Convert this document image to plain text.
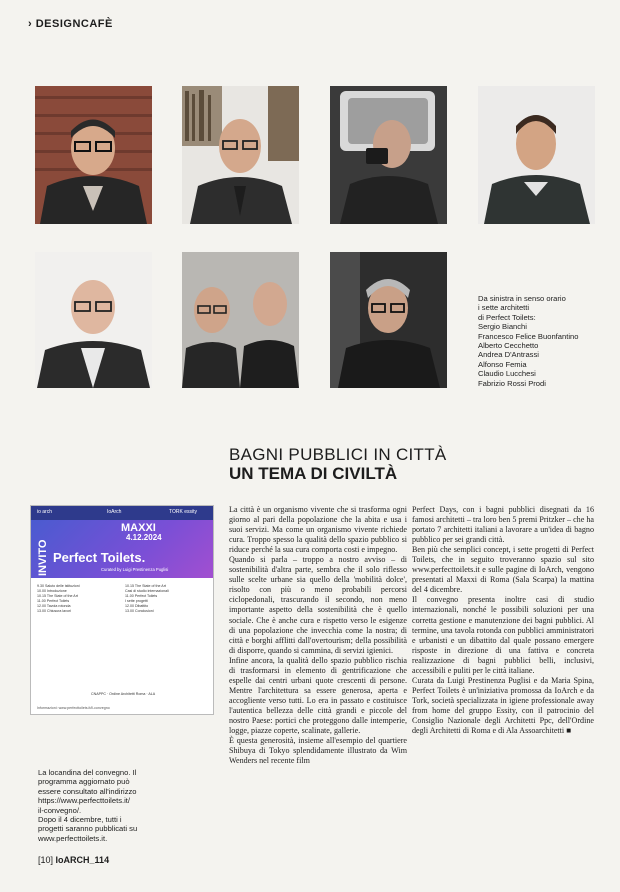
› DESIGNCAFÈ
Da sinistra in senso orario
i sette architetti
di Perfect Toilets:
Sergio Bianchi
Francesco Felice Buonfantino
Alberto Cecchetto
Andrea D'Antrassi
Alfonso Femia
Claudio Lucchesi
Fabrizio Rossi Prodi
BAGNI PUBBLICI IN CITTÀ
UN TEMA DI CIVILTÀ

La città è un organismo vivente che si trasforma ogni giorno al pari della popolazione che la abita e usa i suoi servizi. Ma come un organismo vivente richiede cura. Troppo spesso la qualità dello spazio pubblico si riduce perché la sua cura comporta costi e impegno.

Quando si parla – troppo a nostro avviso – di sostenibilità d'altra parte, sembra che il solo riflesso sulle scelte urbane sia quello della 'mobilità dolce', risolto con più o meno probabili percorsi ciclopedonali, trascurando il secondo, non meno importante aspetto della sostenibilità che è quello sociale. Che è anche cura e rispetto verso le esigenze di una popolazione che invecchia come la nostra; di città e borghi afflitti dall'overtourism; della possibilità di disporre, quando si cammina, di servizi igienici.

Infine ancora, la qualità dello spazio pubblico rischia di trasformarsi in elemento di gentrificazione che espelle dai centri urbani quote crescenti di persone. Mentre l'architettura sa essere generosa, aperta e accogliente verso tutti. Lo era in passato e costituisce l'autentica bellezza delle città grandi e piccole del nostro Paese: portici che proteggono dalle intemperie, logge, piazze coperte, scalinate, gallerie.

È questa generosità, insieme all'esempio del quartiere Shibuya di Tokyo splendidamente illustrato da Wim Wenders nel recente film

Perfect Days, con i bagni pubblici disegnati da 16 famosi architetti – tra loro ben 5 premi Pritzker – che ha portato 7 architetti italiani a lavorare a un'idea di bagno pubblico per sei grandi città.

Ben più che semplici concept, i sette progetti di Perfect Toilets, che in seguito troveranno spazio sul sito www.perfecttoilets.it e sulle pagine di IoArch, vengono presentati al Maxxi di Roma (Sala Scarpa) la mattina del 4 dicembre.

Il convegno presenta inoltre casi di studio internazionali, nonché le possibili soluzioni per una corretta gestione e manutenzione dei bagni pubblici. Al termine, una tavola rotonda con pubblici amministratori e urbanisti e un dibattito dal quale possano emergere risposte in direzione di una fattiva e concreta realizzazione di bagni pubblici belli, inclusivi, accessibili e puliti per le città italiane.

Curata da Luigi Prestinenza Puglisi e da Maria Spina, Perfect Toilets è un'iniziativa promossa da IoArch e da Tork, società specializzata in igiene professionale away from home del gruppo Essity, con il patrocinio del Consiglio Nazionale degli Architetti Ppc, dell'Ordine degli Architetti di Roma e di Ala Assoarchitetti ■

io arch	IoArch	TORK essity
INVITO
MAXXI
4.12.2024
Perfect Toilets.
Curated by Luigi Prestinenza Puglisi
9.30 Saluto delle istituzioni
10.00 Introduzione
10.15 The State of the Art
11.00 Perfect Toilets
12.00 Tavola rotonda
13.00 Chiusura lavori
10.15 The State of the Art
Casi di studio internazionali
11.00 Perfect Toilets
I sette progetti
12.00 Dibattito
13.00 Conclusioni
CNAPPC · Ordine Architetti Roma · ALA
Informazioni: www.perfecttoilets.it/il-convegno
La locandina del convegno. Il
programma aggiornato può
essere consultato all'indirizzo
https://www.perfecttoilets.it/
il-convegno/.
Dopo il 4 dicembre, tutti i
progetti saranno pubblicati su
www.perfecttoilets.it.
[10] IoARCH_114
